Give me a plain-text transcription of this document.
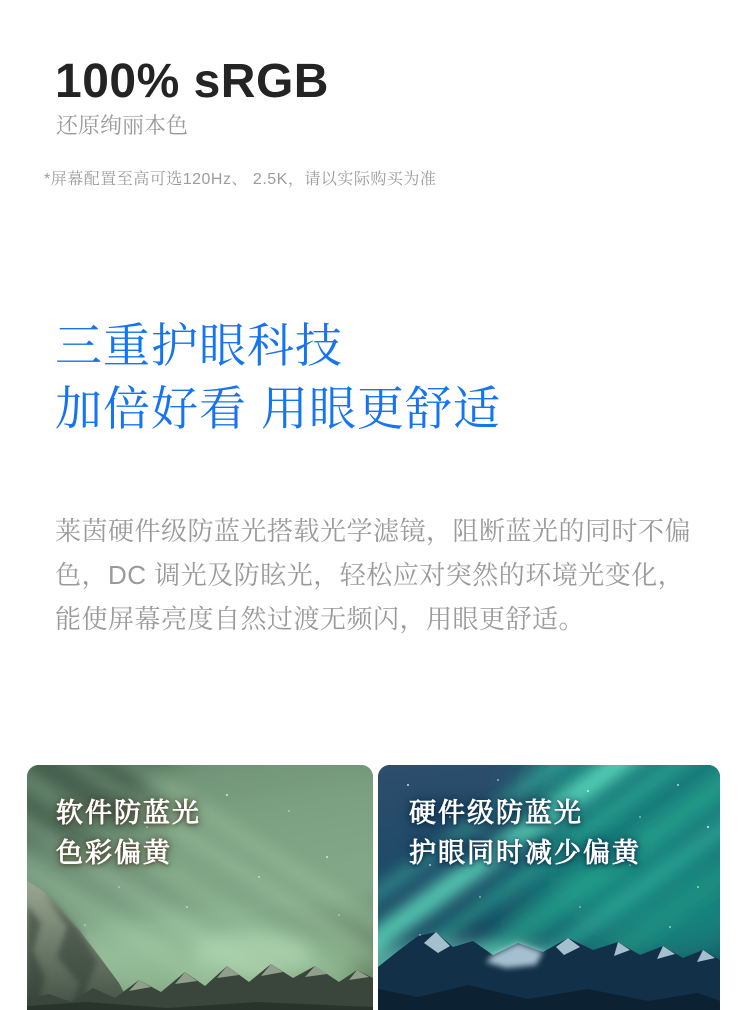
100% sRGB
还原绚丽本色
*屏幕配置至高可选120Hz、 2.5K，请以实际购买为准
三重护眼科技
加倍好看 用眼更舒适
莱茵硬件级防蓝光搭载光学滤镜，阻断蓝光的同时不偏色，DC 调光及防眩光，轻松应对突然的环境光变化，能使屏幕亮度自然过渡无频闪，用眼更舒适。
软件防蓝光
色彩偏黄
硬件级防蓝光
护眼同时减少偏黄
